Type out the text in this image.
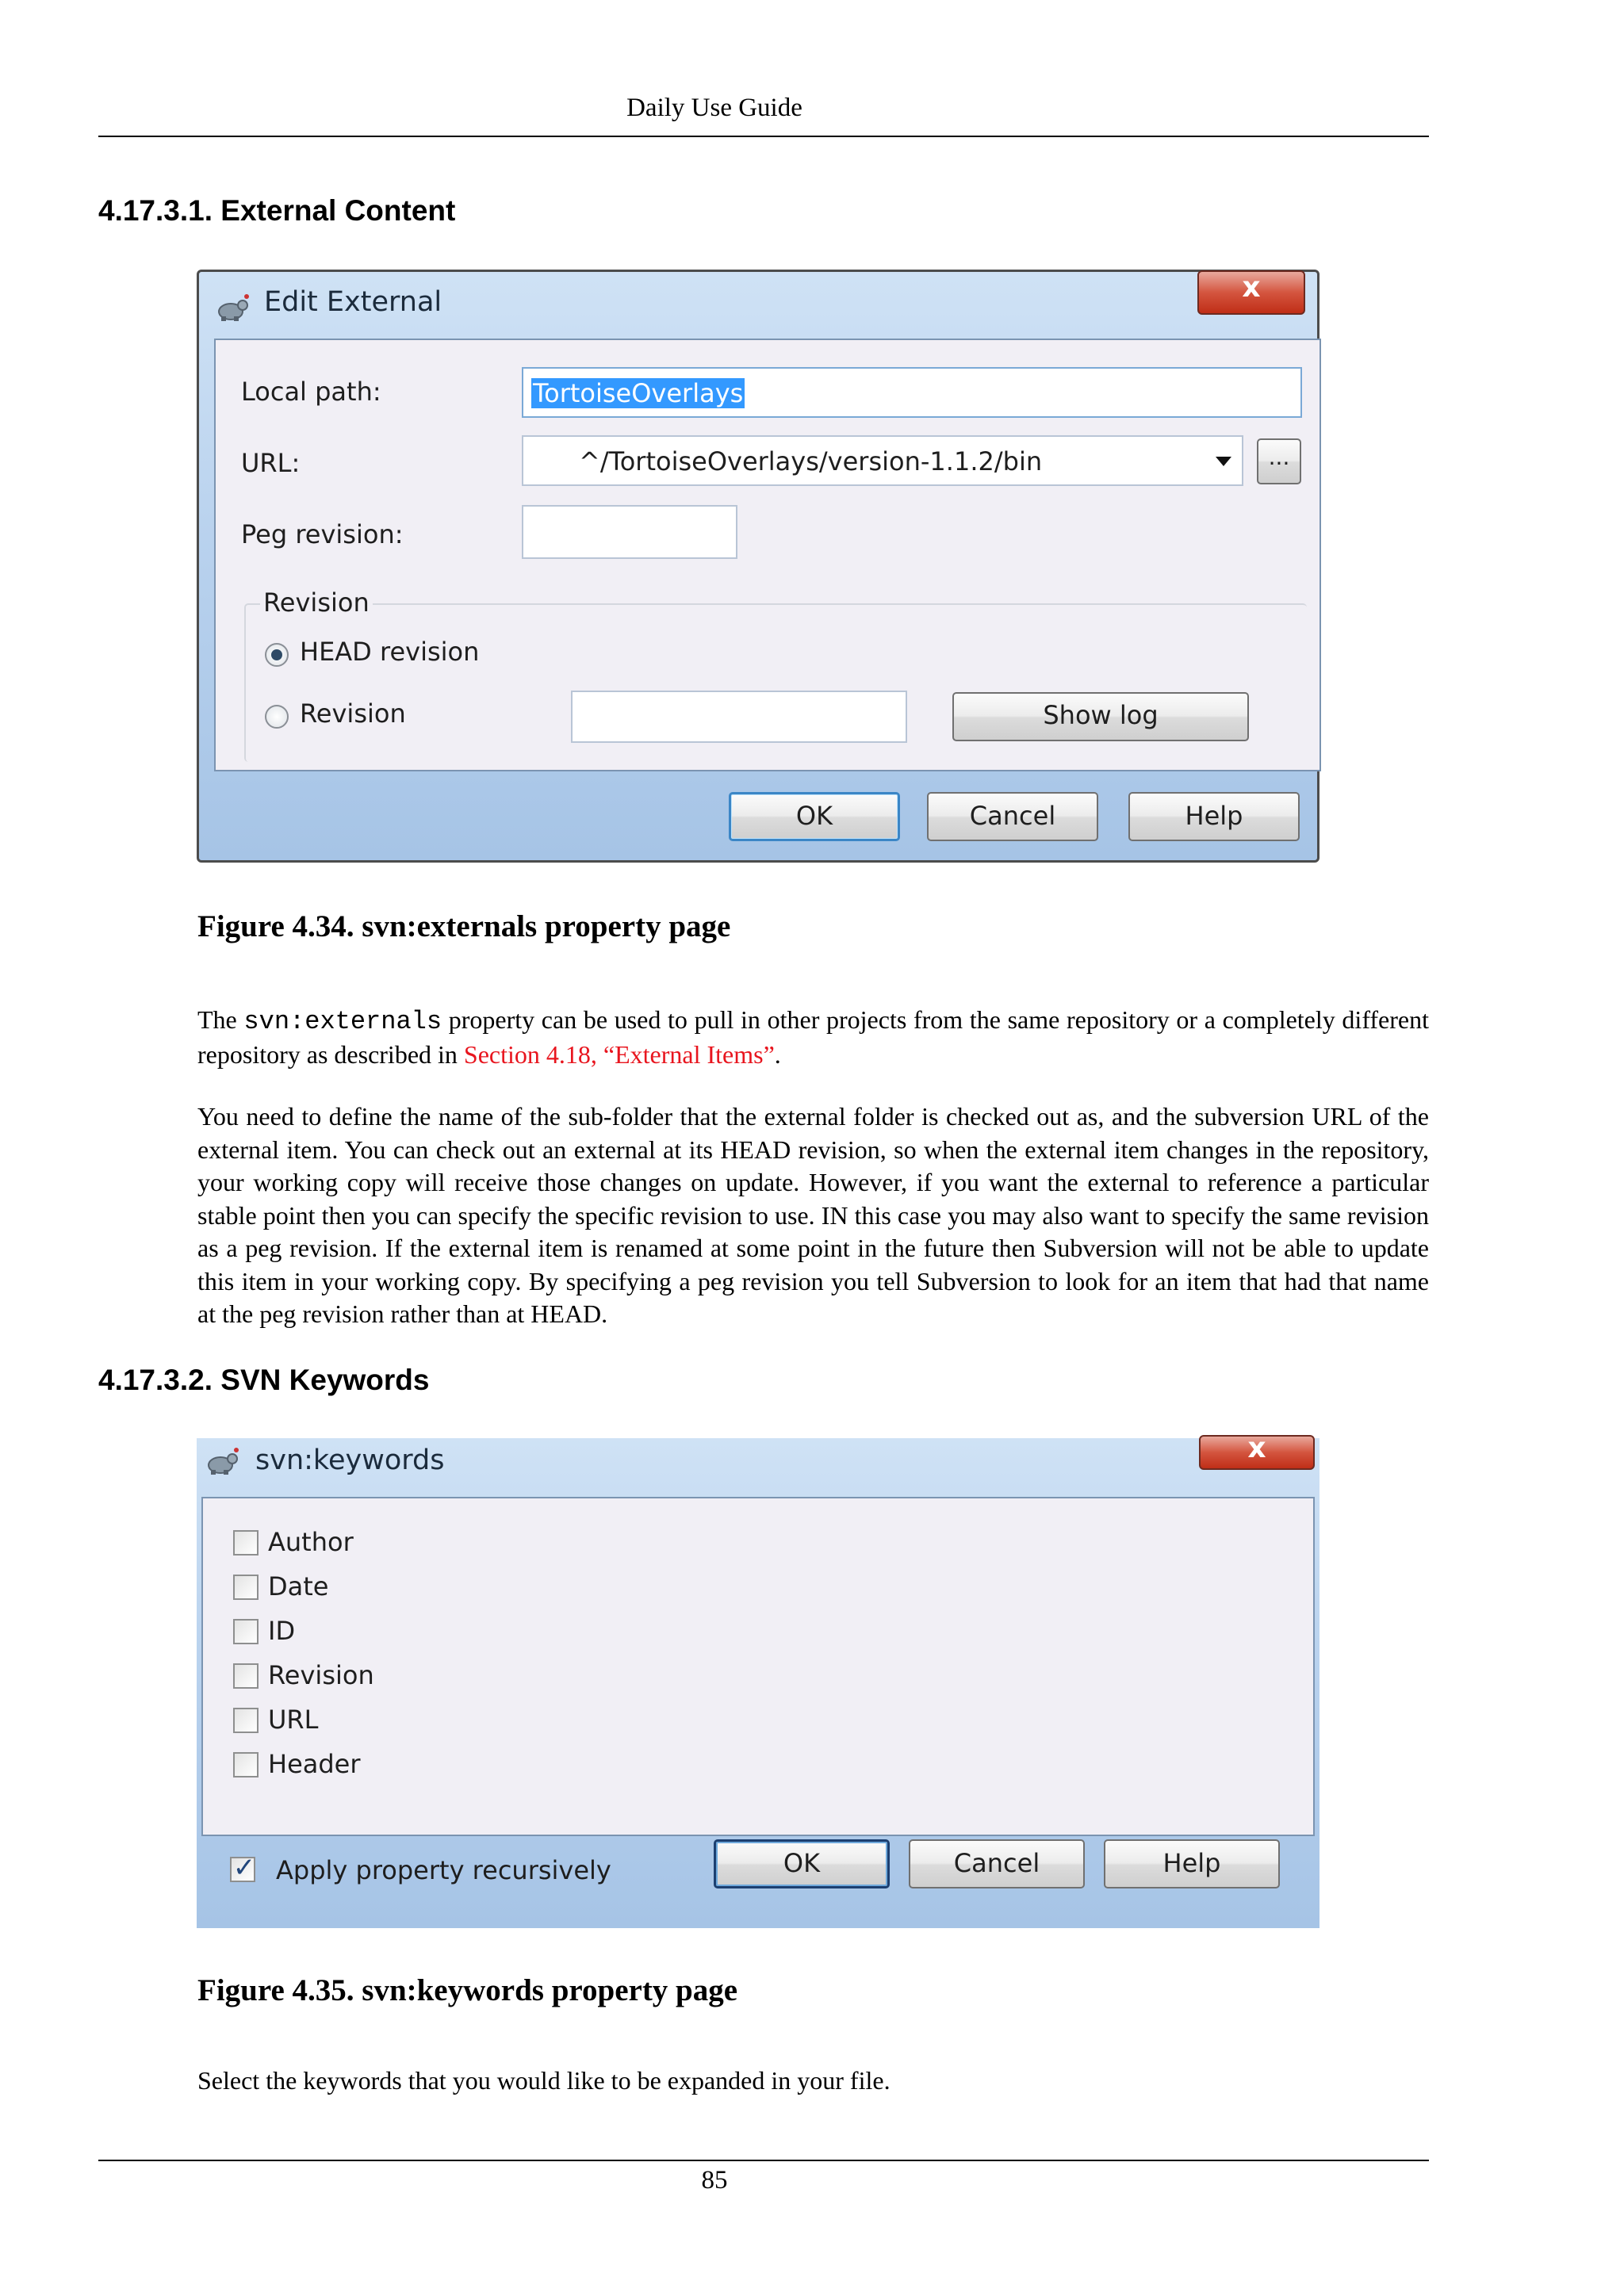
Daily Use Guide
4.17.3.1. External Content
Edit External	x
Local path:	TortoiseOverlays
URL:	^/TortoiseOverlays/version-1.1.2/bin	...
Peg revision:
Revision
HEAD revision
Revision	Show log
OK	Cancel	Help
Figure 4.34. svn:externals property page

The svn:externals property can be used to pull in other projects from the same repository or a completely different repository as described in Section 4.18, “External Items”.

You need to define the name of the sub-folder that the external folder is checked out as, and the subversion URL of the external item. You can check out an external at its HEAD revision, so when the external item changes in the repository, your working copy will receive those changes on update. However, if you want the external to reference a particular stable point then you can specify the specific revision to use. IN this case you may also want to specify the same revision as a peg revision. If the external item is renamed at some point in the future then Subversion will not be able to update this item in your working copy. By specifying a peg revision you tell Subversion to look for an item that had that name at the peg revision rather than at HEAD.

4.17.3.2. SVN Keywords
svn:keywords	x
Author
Date
ID
Revision
URL
Header
✓ Apply property recursively	OK	Cancel	Help
Figure 4.35. svn:keywords property page

Select the keywords that you would like to be expanded in your file.

85
